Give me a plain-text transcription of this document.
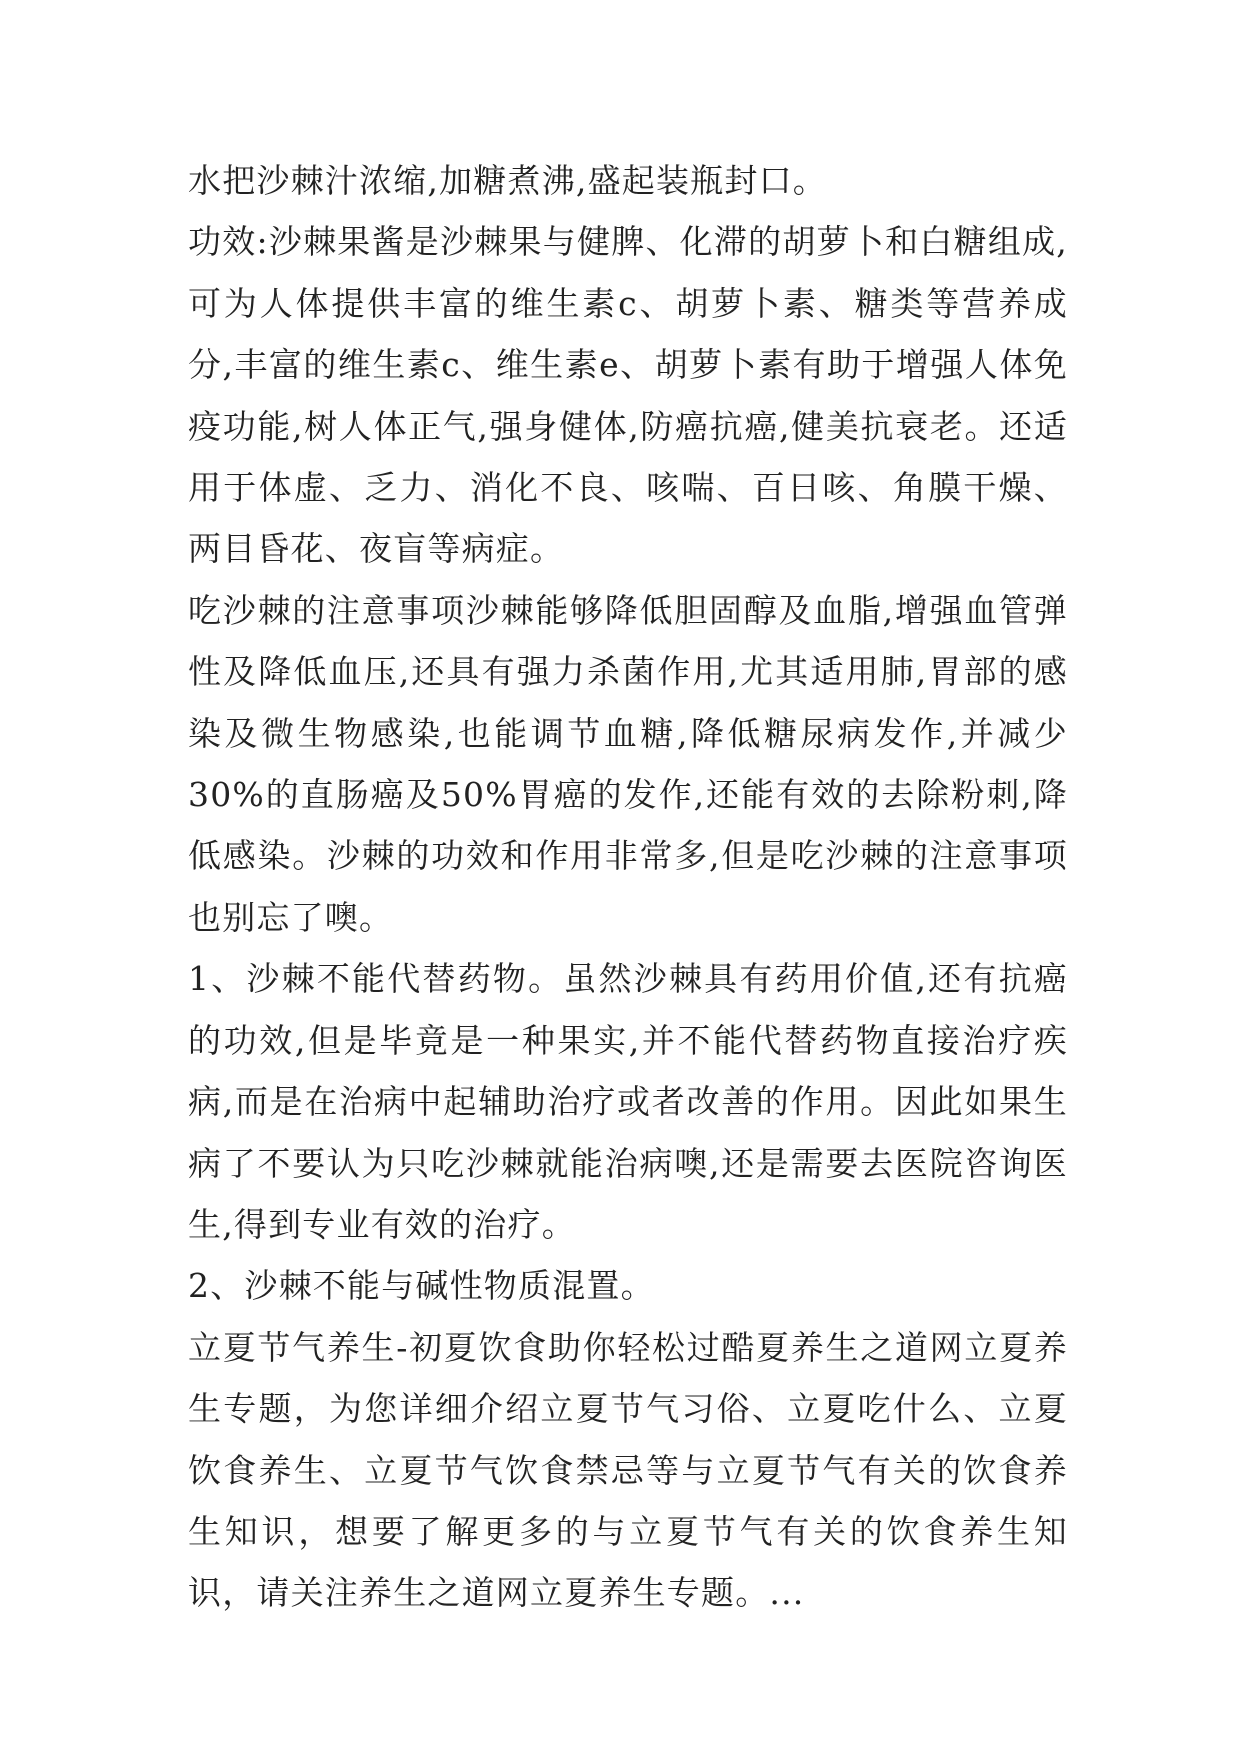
水把沙棘汁浓缩,加糖煮沸,盛起装瓶封口。

功效:沙棘果酱是沙棘果与健脾、化滞的胡萝卜和白糖组成,可为人体提供丰富的维生素c、胡萝卜素、糖类等营养成分,丰富的维生素c、维生素e、胡萝卜素有助于增强人体免疫功能,树人体正气,强身健体,防癌抗癌,健美抗衰老。还适用于体虚、乏力、消化不良、咳喘、百日咳、角膜干燥、两目昏花、夜盲等病症。

吃沙棘的注意事项沙棘能够降低胆固醇及血脂,增强血管弹性及降低血压,还具有强力杀菌作用,尤其适用肺,胃部的感染及微生物感染,也能调节血糖,降低糖尿病发作,并减少30%的直肠癌及50%胃癌的发作,还能有效的去除粉刺,降低感染。沙棘的功效和作用非常多,但是吃沙棘的注意事项也别忘了噢。

1、沙棘不能代替药物。虽然沙棘具有药用价值,还有抗癌的功效,但是毕竟是一种果实,并不能代替药物直接治疗疾病,而是在治病中起辅助治疗或者改善的作用。因此如果生病了不要认为只吃沙棘就能治病噢,还是需要去医院咨询医生,得到专业有效的治疗。

2、沙棘不能与碱性物质混置。

立夏节气养生-初夏饮食助你轻松过酷夏养生之道网立夏养生专题，为您详细介绍立夏节气习俗、立夏吃什么、立夏饮食养生、立夏节气饮食禁忌等与立夏节气有关的饮食养生知识，想要了解更多的与立夏节气有关的饮食养生知识，请关注养生之道网立夏养生专题。...
